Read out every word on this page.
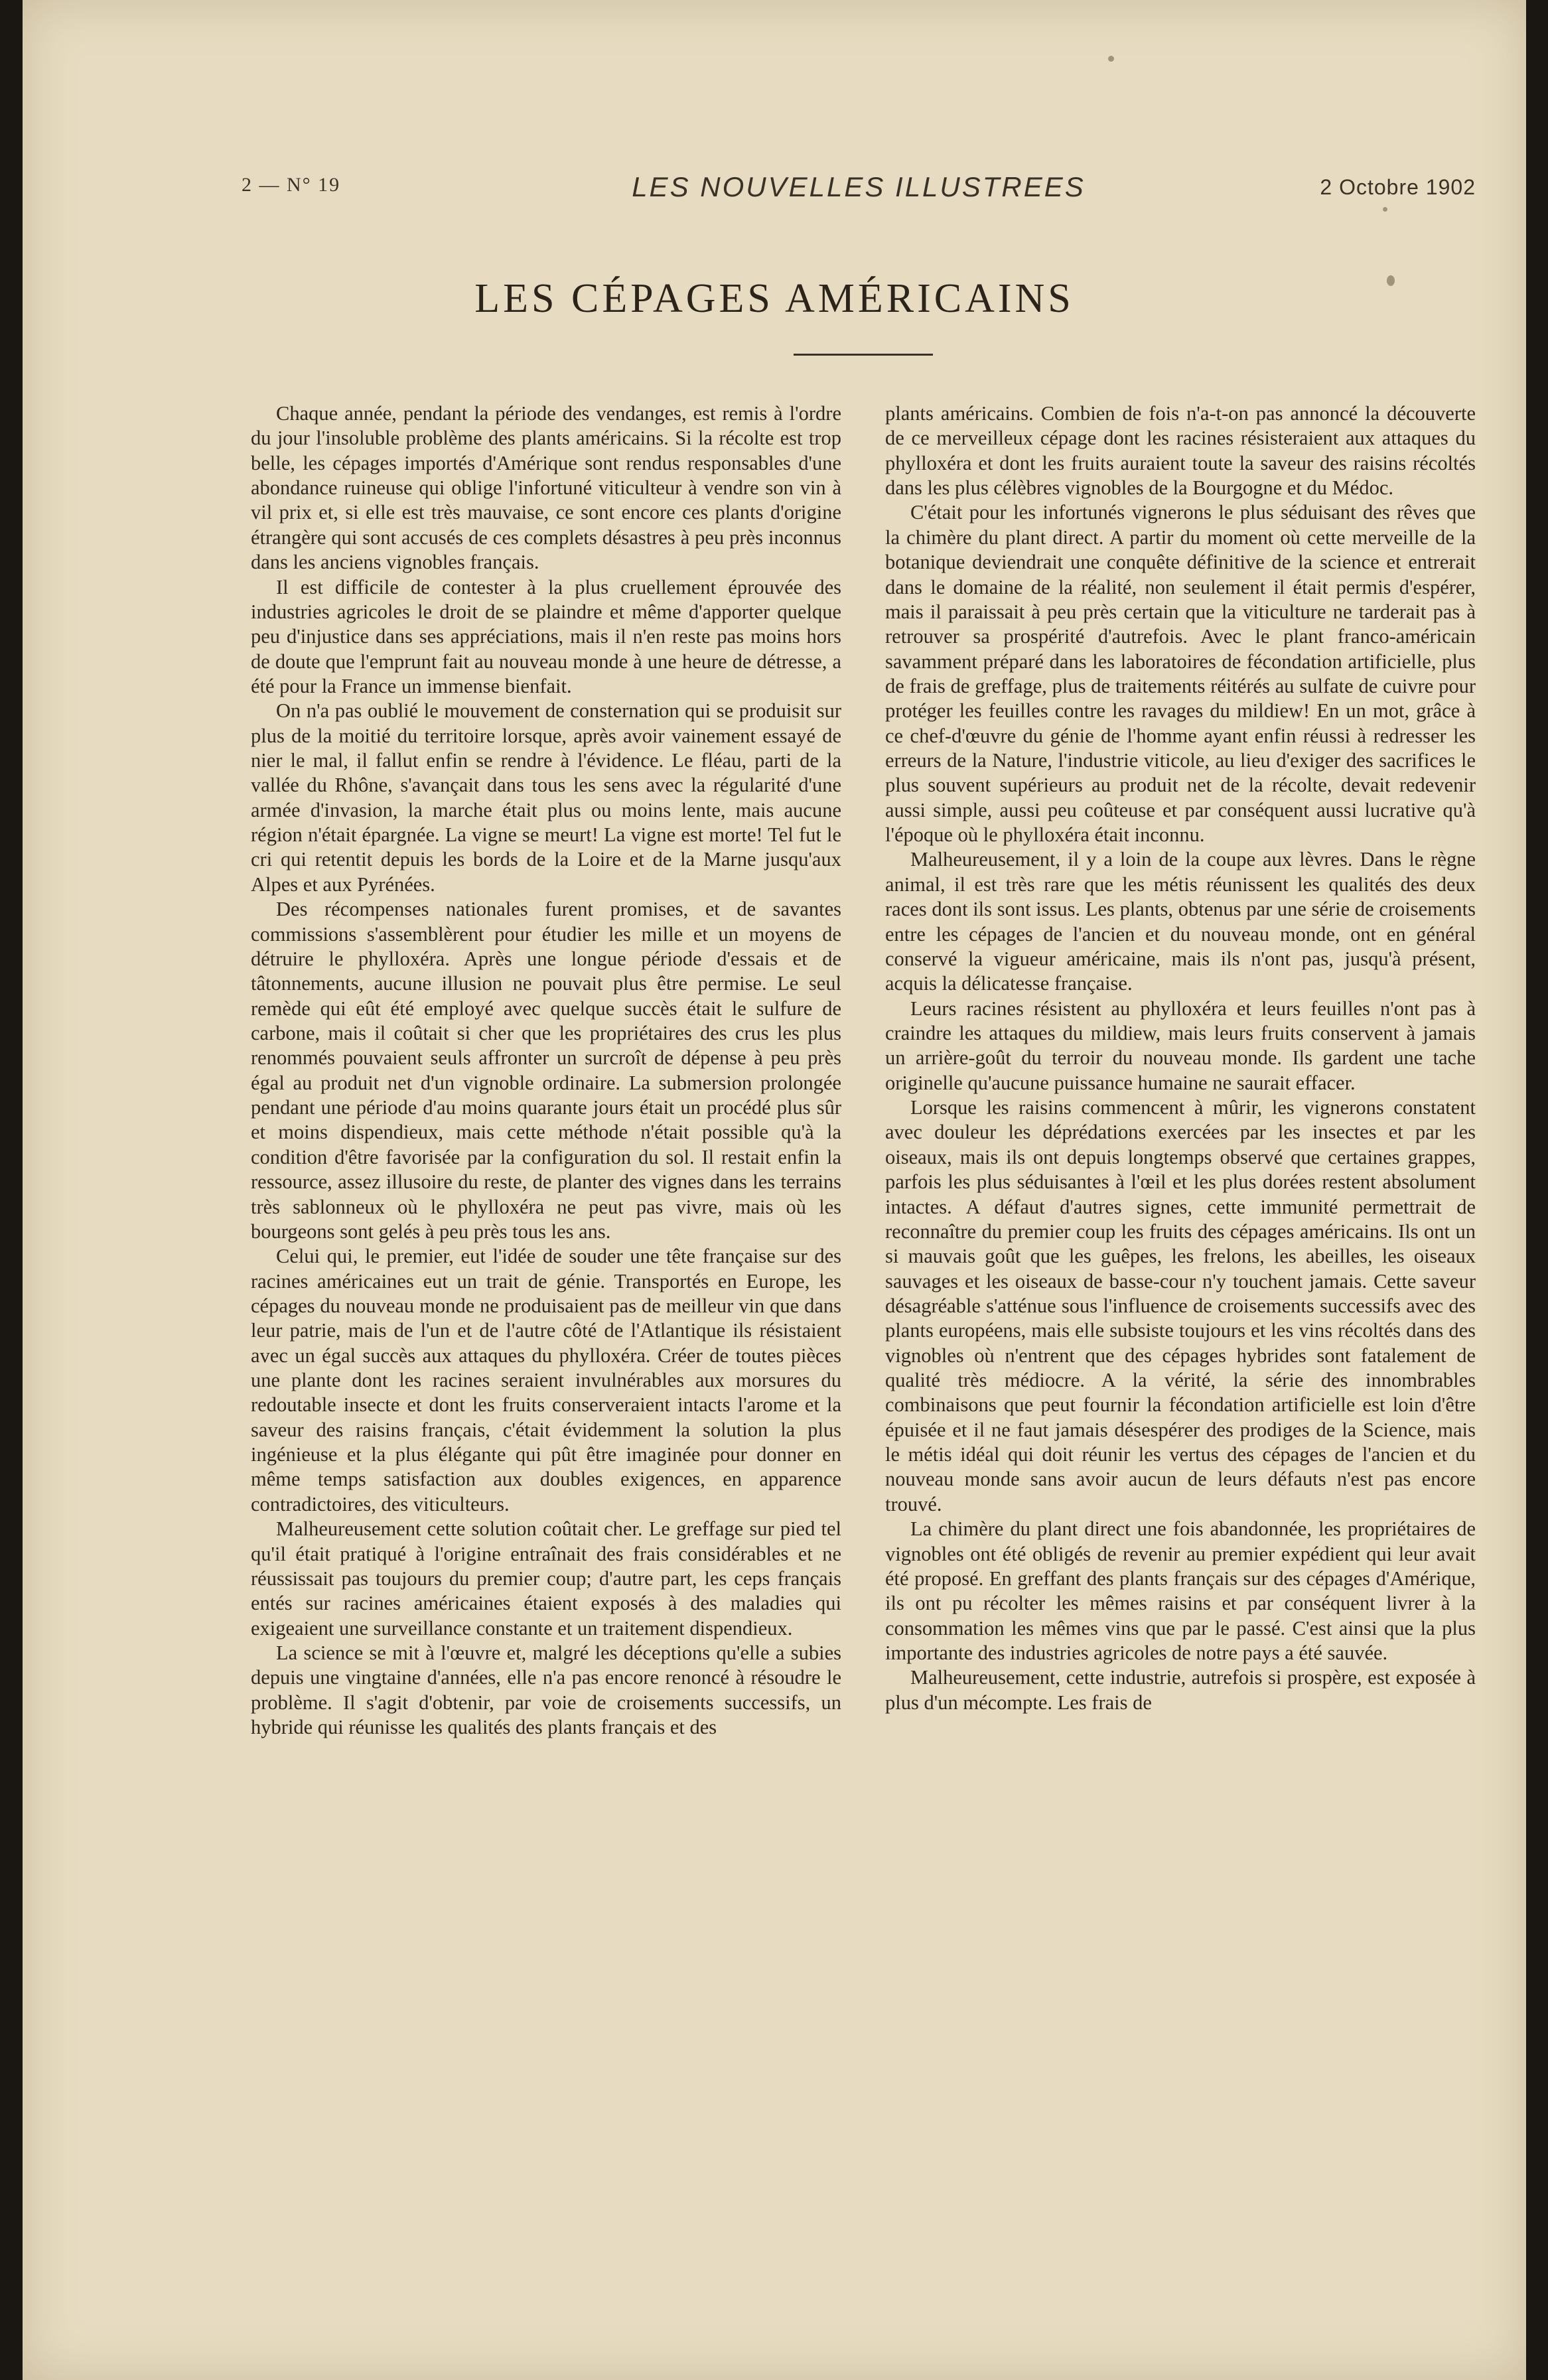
2 — N° 19	LES NOUVELLES ILLUSTREES	2 Octobre 1902
LES CÉPAGES AMÉRICAINS

Chaque année, pendant la période des vendanges, est remis à l'ordre du jour l'insoluble problème des plants américains. Si la récolte est trop belle, les cépages importés d'Amérique sont rendus responsables d'une abondance ruineuse qui oblige l'infortuné viticulteur à vendre son vin à vil prix et, si elle est très mauvaise, ce sont encore ces plants d'origine étrangère qui sont accusés de ces complets désastres à peu près inconnus dans les anciens vignobles français.

Il est difficile de contester à la plus cruellement éprouvée des industries agricoles le droit de se plaindre et même d'apporter quelque peu d'injustice dans ses appréciations, mais il n'en reste pas moins hors de doute que l'emprunt fait au nouveau monde à une heure de détresse, a été pour la France un immense bienfait.

On n'a pas oublié le mouvement de consternation qui se produisit sur plus de la moitié du territoire lorsque, après avoir vainement essayé de nier le mal, il fallut enfin se rendre à l'évidence. Le fléau, parti de la vallée du Rhône, s'avançait dans tous les sens avec la régularité d'une armée d'invasion, la marche était plus ou moins lente, mais aucune région n'était épargnée. La vigne se meurt! La vigne est morte! Tel fut le cri qui retentit depuis les bords de la Loire et de la Marne jusqu'aux Alpes et aux Pyrénées.

Des récompenses nationales furent promises, et de savantes commissions s'assemblèrent pour étudier les mille et un moyens de détruire le phylloxéra. Après une longue période d'essais et de tâtonnements, aucune illusion ne pouvait plus être permise. Le seul remède qui eût été employé avec quelque succès était le sulfure de carbone, mais il coûtait si cher que les propriétaires des crus les plus renommés pouvaient seuls affronter un surcroît de dépense à peu près égal au produit net d'un vignoble ordinaire. La submersion prolongée pendant une période d'au moins quarante jours était un procédé plus sûr et moins dispendieux, mais cette méthode n'était possible qu'à la condition d'être favorisée par la configuration du sol. Il restait enfin la ressource, assez illusoire du reste, de planter des vignes dans les terrains très sablonneux où le phylloxéra ne peut pas vivre, mais où les bourgeons sont gelés à peu près tous les ans.

Celui qui, le premier, eut l'idée de souder une tête française sur des racines américaines eut un trait de génie. Transportés en Europe, les cépages du nouveau monde ne produisaient pas de meilleur vin que dans leur patrie, mais de l'un et de l'autre côté de l'Atlantique ils résistaient avec un égal succès aux attaques du phylloxéra. Créer de toutes pièces une plante dont les racines seraient invulnérables aux morsures du redoutable insecte et dont les fruits conserveraient intacts l'arome et la saveur des raisins français, c'était évidemment la solution la plus ingénieuse et la plus élégante qui pût être imaginée pour donner en même temps satisfaction aux doubles exigences, en apparence contradictoires, des viticulteurs.

Malheureusement cette solution coûtait cher. Le greffage sur pied tel qu'il était pratiqué à l'origine entraînait des frais considérables et ne réussissait pas toujours du premier coup; d'autre part, les ceps français entés sur racines américaines étaient exposés à des maladies qui exigeaient une surveillance constante et un traitement dispendieux.

La science se mit à l'œuvre et, malgré les déceptions qu'elle a subies depuis une vingtaine d'années, elle n'a pas encore renoncé à résoudre le problème. Il s'agit d'obtenir, par voie de croisements successifs, un hybride qui réunisse les qualités des plants français et des

plants américains. Combien de fois n'a-t-on pas annoncé la découverte de ce merveilleux cépage dont les racines résisteraient aux attaques du phylloxéra et dont les fruits auraient toute la saveur des raisins récoltés dans les plus célèbres vignobles de la Bourgogne et du Médoc.

C'était pour les infortunés vignerons le plus séduisant des rêves que la chimère du plant direct. A partir du moment où cette merveille de la botanique deviendrait une conquête définitive de la science et entrerait dans le domaine de la réalité, non seulement il était permis d'espérer, mais il paraissait à peu près certain que la viticulture ne tarderait pas à retrouver sa prospérité d'autrefois. Avec le plant franco-américain savamment préparé dans les laboratoires de fécondation artificielle, plus de frais de greffage, plus de traitements réitérés au sulfate de cuivre pour protéger les feuilles contre les ravages du mildiew! En un mot, grâce à ce chef-d'œuvre du génie de l'homme ayant enfin réussi à redresser les erreurs de la Nature, l'industrie viticole, au lieu d'exiger des sacrifices le plus souvent supérieurs au produit net de la récolte, devait redevenir aussi simple, aussi peu coûteuse et par conséquent aussi lucrative qu'à l'époque où le phylloxéra était inconnu.

Malheureusement, il y a loin de la coupe aux lèvres. Dans le règne animal, il est très rare que les métis réunissent les qualités des deux races dont ils sont issus. Les plants, obtenus par une série de croisements entre les cépages de l'ancien et du nouveau monde, ont en général conservé la vigueur américaine, mais ils n'ont pas, jusqu'à présent, acquis la délicatesse française.

Leurs racines résistent au phylloxéra et leurs feuilles n'ont pas à craindre les attaques du mildiew, mais leurs fruits conservent à jamais un arrière-goût du terroir du nouveau monde. Ils gardent une tache originelle qu'aucune puissance humaine ne saurait effacer.

Lorsque les raisins commencent à mûrir, les vignerons constatent avec douleur les déprédations exercées par les insectes et par les oiseaux, mais ils ont depuis longtemps observé que certaines grappes, parfois les plus séduisantes à l'œil et les plus dorées restent absolument intactes. A défaut d'autres signes, cette immunité permettrait de reconnaître du premier coup les fruits des cépages américains. Ils ont un si mauvais goût que les guêpes, les frelons, les abeilles, les oiseaux sauvages et les oiseaux de basse-cour n'y touchent jamais. Cette saveur désagréable s'atténue sous l'influence de croisements successifs avec des plants européens, mais elle subsiste toujours et les vins récoltés dans des vignobles où n'entrent que des cépages hybrides sont fatalement de qualité très médiocre. A la vérité, la série des innombrables combinaisons que peut fournir la fécondation artificielle est loin d'être épuisée et il ne faut jamais désespérer des prodiges de la Science, mais le métis idéal qui doit réunir les vertus des cépages de l'ancien et du nouveau monde sans avoir aucun de leurs défauts n'est pas encore trouvé.

La chimère du plant direct une fois abandonnée, les propriétaires de vignobles ont été obligés de revenir au premier expédient qui leur avait été proposé. En greffant des plants français sur des cépages d'Amérique, ils ont pu récolter les mêmes raisins et par conséquent livrer à la consommation les mêmes vins que par le passé. C'est ainsi que la plus importante des industries agricoles de notre pays a été sauvée.

Malheureusement, cette industrie, autrefois si prospère, est exposée à plus d'un mécompte. Les frais de
